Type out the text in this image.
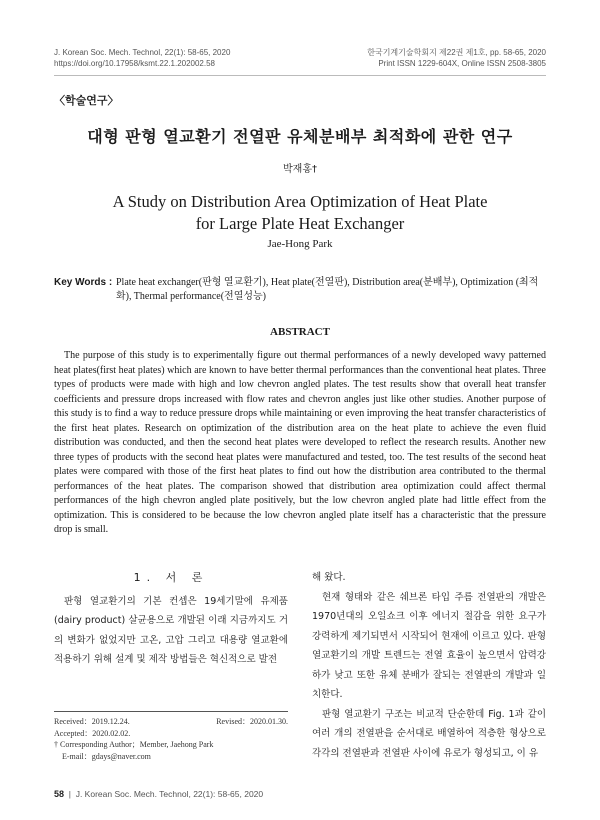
J. Korean Soc. Mech. Technol, 22(1): 58-65, 2020
https://doi.org/10.17958/ksmt.22.1.202002.58
한국기계기술학회지 제22권 제1호, pp. 58-65, 2020
Print ISSN 1229-604X, Online ISSN 2508-3805
〈학술연구〉
대형 판형 열교환기 전열판 유체분배부 최적화에 관한 연구
박재홍†
A Study on Distribution Area Optimization of Heat Plate
for Large Plate Heat Exchanger
Jae-Hong Park
Key Words : Plate heat exchanger(판형 열교환기), Heat plate(전열판), Distribution area(분배부), Optimization (최적화), Thermal performance(전열성능)
ABSTRACT
The purpose of this study is to experimentally figure out thermal performances of a newly developed wavy patterned heat plates(first heat plates) which are known to have better thermal performances than the conventional heat plates. Three types of products were made with high and low chevron angled plates. The test results show that overall heat transfer coefficients and pressure drops increased with flow rates and chevron angles just like other studies. Another purpose of this study is to find a way to reduce pressure drops while maintaining or even improving the heat transfer characteristics of the first heat plates. Research on optimization of the distribution area on the heat plate to achieve the even fluid distribution was conducted, and then the second heat plates were developed to reflect the research results. Another new three types of products with the second heat plates were manufactured and tested, too. The test results of the second heat plates were compared with those of the first heat plates to find out how the distribution area contributed to the thermal performances of the heat plates. The comparison showed that distribution area optimization could affect thermal performances of the high chevron angled plate positively, but the low chevron angled plate had little effect from the optimization. This is considered to be because the low chevron angled plate itself has a characteristic that the pressure drop is small.
1. 서 론

판형 열교환기의 기본 컨셉은 19세기말에 유제품(dairy product) 살균용으로 개발된 이래 지금까지도 거의 변화가 없었지만 고온, 고압 그리고 대용량 열교환에 적용하기 위해 설계 및 제작 방법들은 혁신적으로 발전

해 왔다.

현재 형태와 같은 쉐브론 타입 주름 전열판의 개발은 1970년대의 오일쇼크 이후 에너지 절감을 위한 요구가 강력하게 제기되면서 시작되어 현재에 이르고 있다. 판형 열교환기의 개발 트렌드는 전열 효율이 높으면서 압력강하가 낮고 또한 유체 분배가 잘되는 전열판의 개발과 일치한다.

판형 열교환기 구조는 비교적 단순한데 Fig. 1과 같이 여러 개의 전열판을 순서대로 배열하여 적층한 형상으로 각각의 전열판과 전열판 사이에 유로가 형성되고, 이 유

Received：2019.12.24.	Revised：2020.01.30.
Accepted：2020.02.02.
† Corresponding Author；Member, Jaehong Park
E-mail：gdays@naver.com
58  |  J. Korean Soc. Mech. Technol, 22(1): 58-65, 2020
